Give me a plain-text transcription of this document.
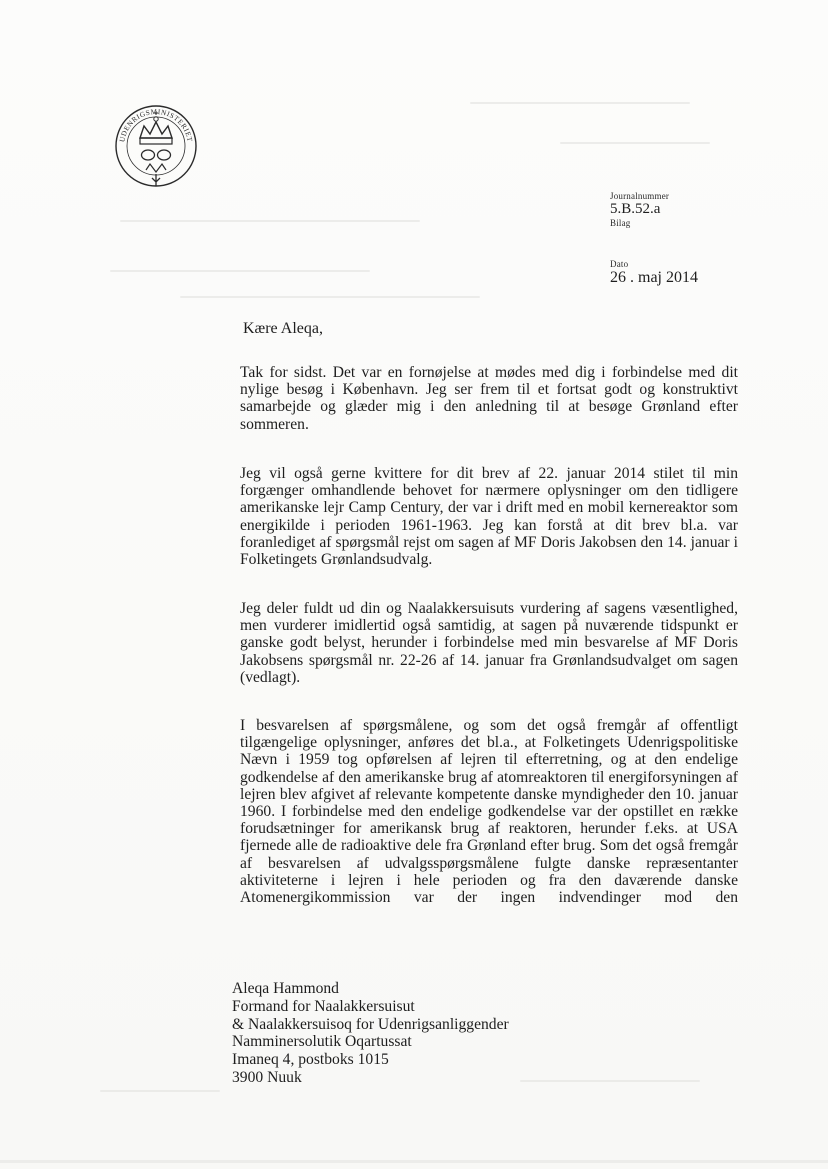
UDENRIGSMINISTERIET
Journalnummer
5.B.52.a
Bilag
Dato
26 . maj 2014
Kære Aleqa,

Tak for sidst. Det var en fornøjelse at mødes med dig i forbindelse med dit nylige besøg i København. Jeg ser frem til et fortsat godt og konstruktivt samarbejde og glæder mig i den anledning til at besøge Grønland efter sommeren.

Jeg vil også gerne kvittere for dit brev af 22. januar 2014 stilet til min forgænger omhandlende behovet for nærmere oplysninger om den tidligere amerikanske lejr Camp Century, der var i drift med en mobil kernereaktor som energikilde i perioden 1961-1963. Jeg kan forstå at dit brev bl.a. var foranlediget af spørgsmål rejst om sagen af MF Doris Jakobsen den 14. januar i Folketingets Grønlandsudvalg.

Jeg deler fuldt ud din og Naalakkersuisuts vurdering af sagens væsentlighed, men vurderer imidlertid også samtidig, at sagen på nuværende tidspunkt er ganske godt belyst, herunder i forbindelse med min besvarelse af MF Doris Jakobsens spørgsmål nr. 22-26 af 14. januar fra Grønlandsudvalget om sagen (vedlagt).

I besvarelsen af spørgsmålene, og som det også fremgår af offentligt tilgængelige oplysninger, anføres det bl.a., at Folketingets Udenrigspolitiske Nævn i 1959 tog opførelsen af lejren til efterretning, og at den endelige godkendelse af den amerikanske brug af atomreaktoren til energiforsyningen af lejren blev afgivet af relevante kompetente danske myndigheder den 10. januar 1960. I forbindelse med den endelige godkendelse var der opstillet en række forudsætninger for amerikansk brug af reaktoren, herunder f.eks. at USA fjernede alle de radioaktive dele fra Grønland efter brug. Som det også fremgår af besvarelsen af udvalgsspørgsmålene fulgte danske repræsentanter aktiviteterne i lejren i hele perioden og fra den daværende danske Atomenergikommission var der ingen indvendinger mod den

Aleqa Hammond
Formand for Naalakkersuisut
& Naalakkersuisoq for Udenrigsanliggender
Namminersolutik Oqartussat
Imaneq 4, postboks 1015
3900 Nuuk
